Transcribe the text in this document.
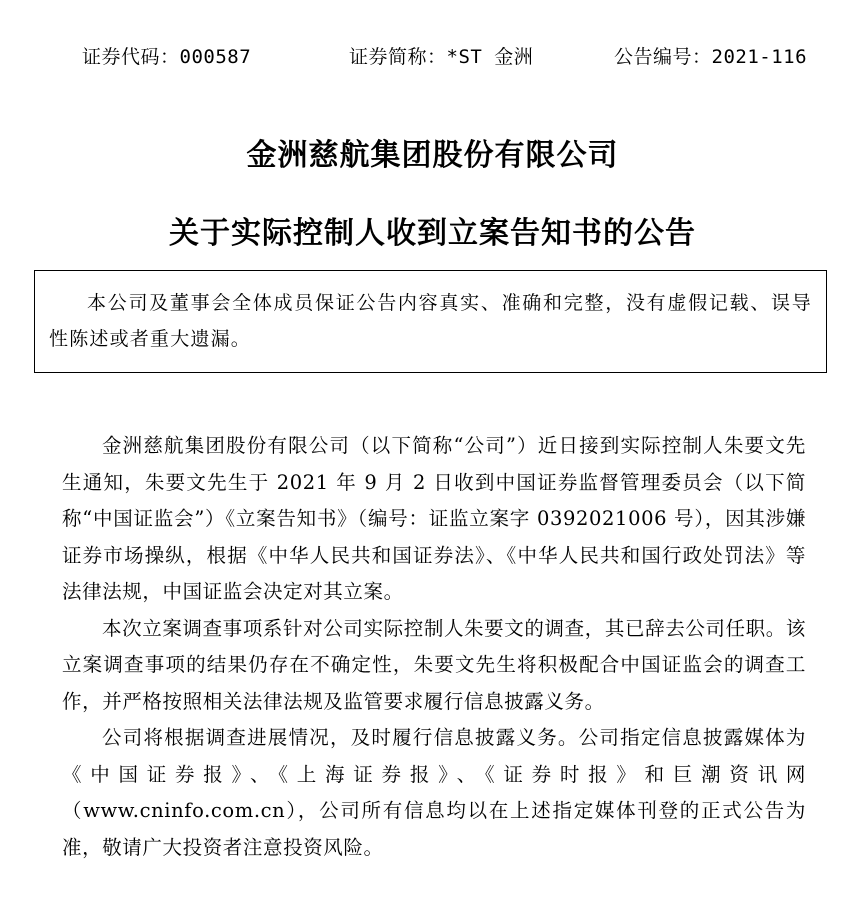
证券代码：000587	证券简称：*ST 金洲	公告编号：2021-116
金洲慈航集团股份有限公司
关于实际控制人收到立案告知书的公告
本公司及董事会全体成员保证公告内容真实、准确和完整，没有虚假记载、误导性陈述或者重大遗漏。

金洲慈航集团股份有限公司（以下简称“公司”）近日接到实际控制人朱要文先生通知，朱要文先生于 2021 年 9 月 2 日收到中国证券监督管理委员会（以下简称“中国证监会”）《立案告知书》（编号：证监立案字 0392021006 号），因其涉嫌证券市场操纵，根据《中华人民共和国证券法》、《中华人民共和国行政处罚法》等法律法规，中国证监会决定对其立案。

本次立案调查事项系针对公司实际控制人朱要文的调查，其已辞去公司任职。该立案调查事项的结果仍存在不确定性，朱要文先生将积极配合中国证监会的调查工作，并严格按照相关法律法规及监管要求履行信息披露义务。

公司将根据调查进展情况，及时履行信息披露义务。公司指定信息披露媒体为《中国证券报》、《上海证券报》、《证券时报》和巨潮资讯网（www.cninfo.com.cn），公司所有信息均以在上述指定媒体刊登的正式公告为准，敬请广大投资者注意投资风险。
